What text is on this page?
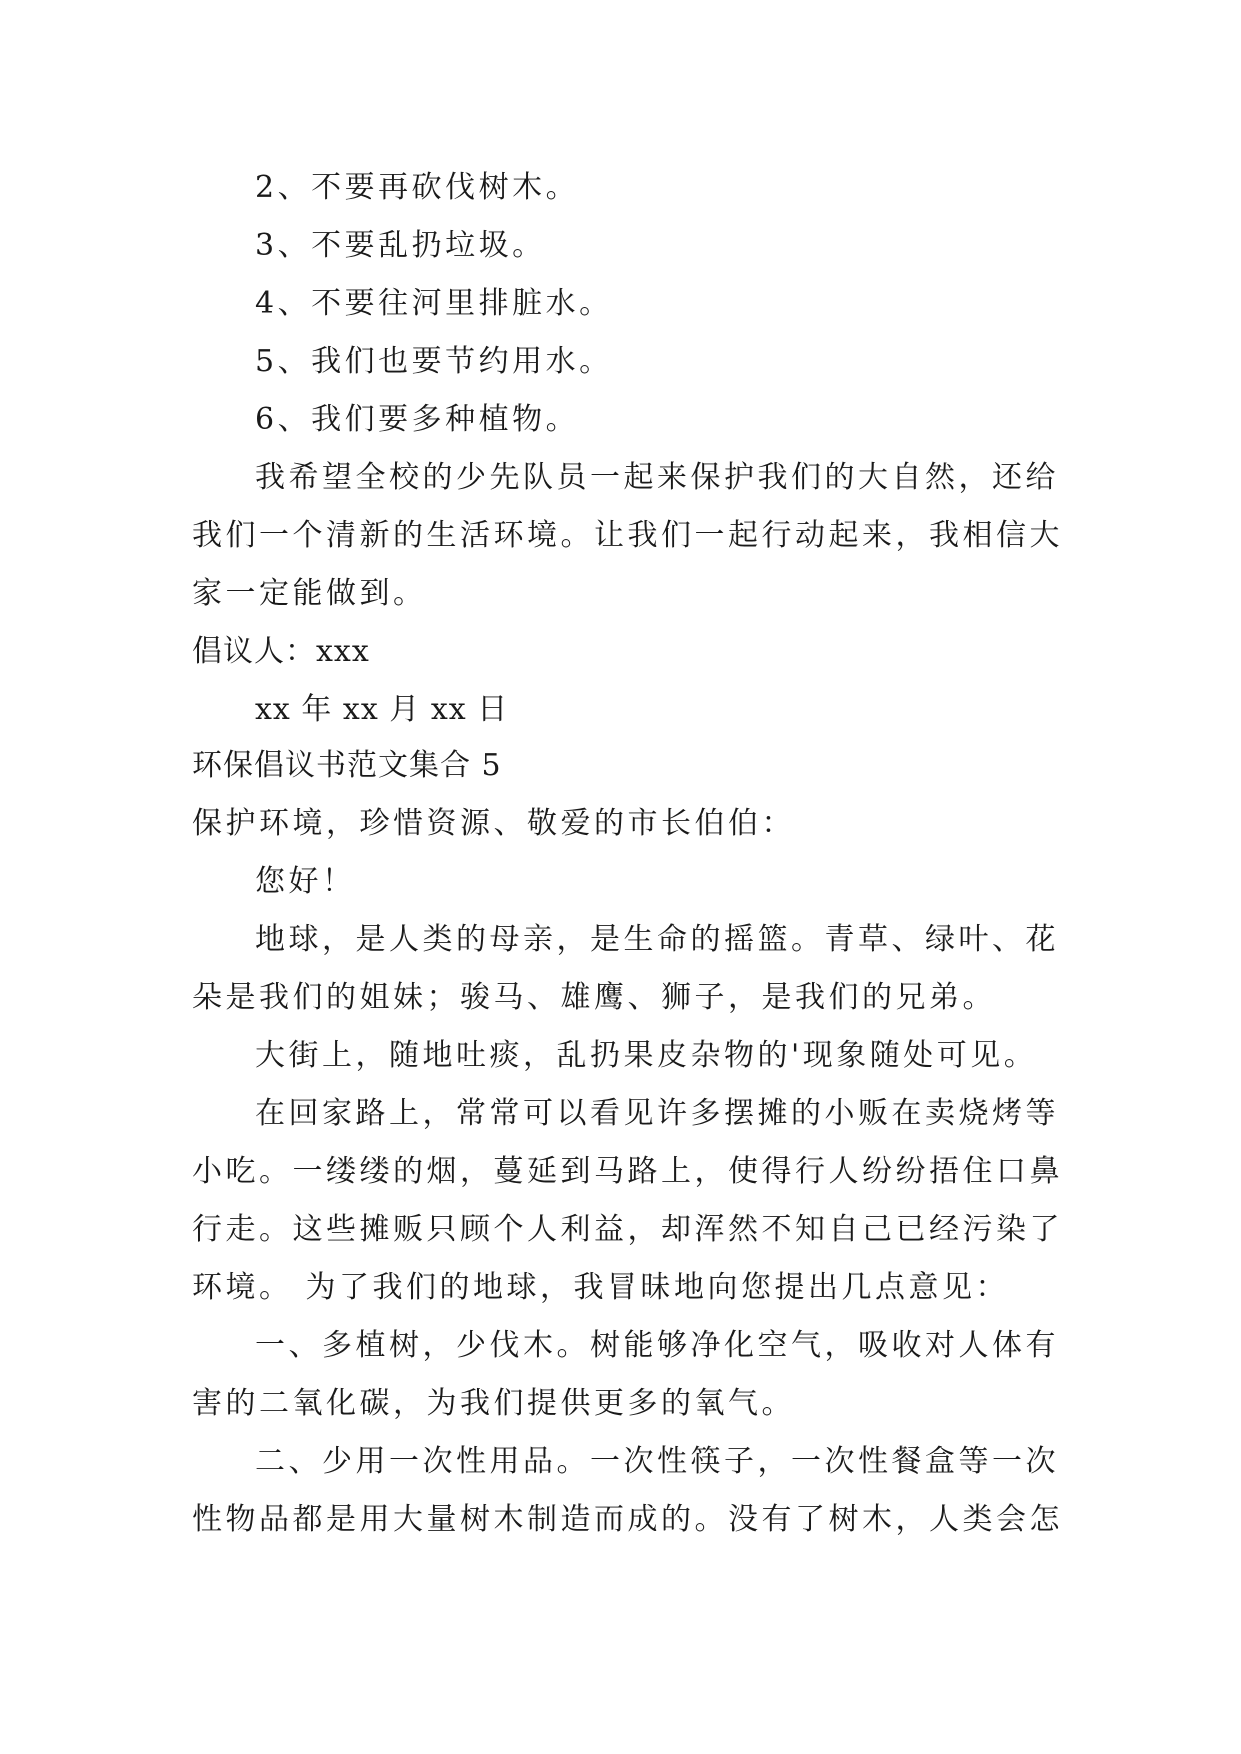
2、不要再砍伐树木。
3、不要乱扔垃圾。
4、不要往河里排脏水。
5、我们也要节约用水。
6、我们要多种植物。
我希望全校的少先队员一起来保护我们的大自然，还给
我们一个清新的生活环境。让我们一起行动起来，我相信大
家一定能做到。
倡议人：xxx
xx 年 xx 月 xx 日
环保倡议书范文集合 5
保护环境，珍惜资源、敬爱的市长伯伯：
您好！
地球，是人类的母亲，是生命的摇篮。青草、绿叶、花
朵是我们的姐妹；骏马、雄鹰、狮子，是我们的兄弟。
大街上，随地吐痰，乱扔果皮杂物的'现象随处可见。
在回家路上，常常可以看见许多摆摊的小贩在卖烧烤等
小吃。一缕缕的烟，蔓延到马路上，使得行人纷纷捂住口鼻
行走。这些摊贩只顾个人利益，却浑然不知自己已经污染了
环境。 为了我们的地球，我冒昧地向您提出几点意见：
一、多植树，少伐木。树能够净化空气，吸收对人体有
害的二氧化碳，为我们提供更多的氧气。
二、少用一次性用品。一次性筷子，一次性餐盒等一次
性物品都是用大量树木制造而成的。没有了树木，人类会怎
